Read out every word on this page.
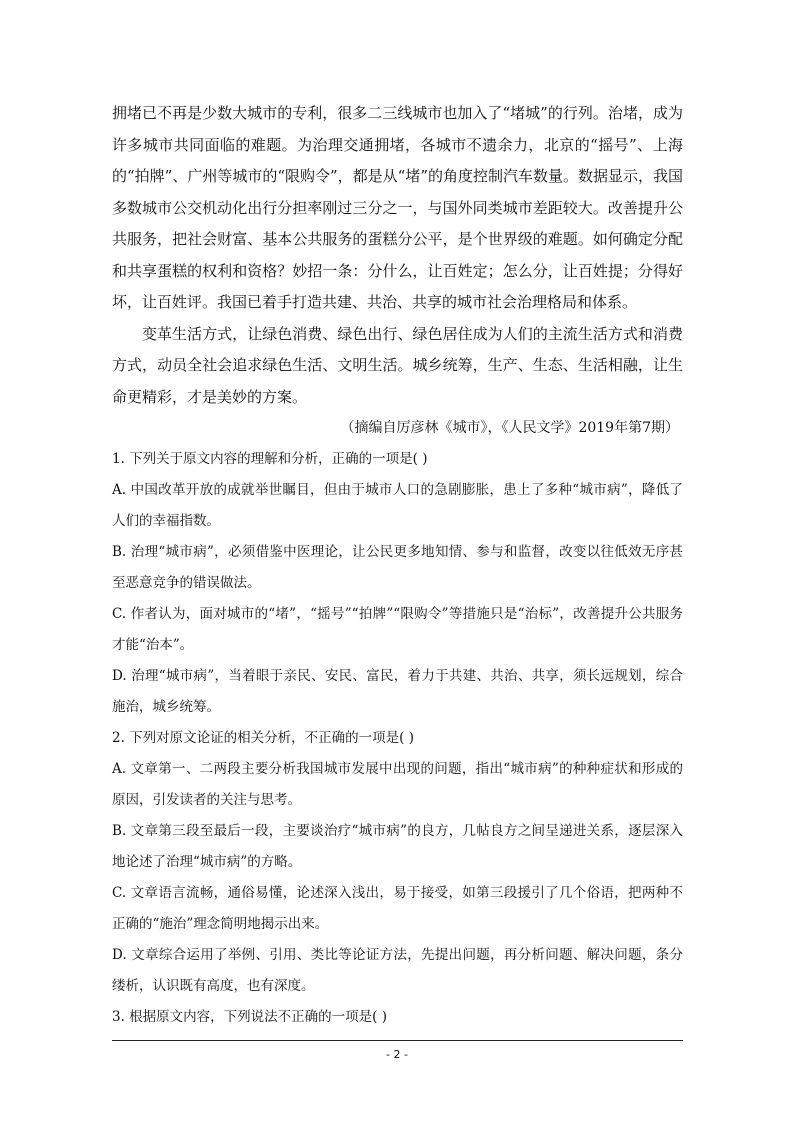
拥堵已不再是少数大城市的专利，很多二三线城市也加入了“堵城”的行列。治堵，成为许多城市共同面临的难题。为治理交通拥堵，各城市不遗余力，北京的“摇号”、上海的“拍牌”、广州等城市的“限购令”，都是从“堵”的角度控制汽车数量。数据显示，我国多数城市公交机动化出行分担率刚过三分之一，与国外同类城市差距较大。改善提升公共服务，把社会财富、基本公共服务的蛋糕分公平，是个世界级的难题。如何确定分配和共享蛋糕的权利和资格？妙招一条：分什么，让百姓定；怎么分，让百姓提；分得好坏，让百姓评。我国已着手打造共建、共治、共享的城市社会治理格局和体系。

变革生活方式，让绿色消费、绿色出行、绿色居住成为人们的主流生活方式和消费方式，动员全社会追求绿色生活、文明生活。城乡统筹，生产、生态、生活相融，让生命更精彩，才是美妙的方案。

（摘编自厉彦林《城市》，《人民文学》2019年第7期）

1. 下列关于原文内容的理解和分析，正确的一项是( )

A. 中国改革开放的成就举世瞩目，但由于城市人口的急剧膨胀，患上了多种“城市病”，降低了人们的幸福指数。

B. 治理“城市病”，必须借鉴中医理论，让公民更多地知情、参与和监督，改变以往低效无序甚至恶意竞争的错误做法。

C. 作者认为，面对城市的“堵”，“摇号”“拍牌”“限购令”等措施只是“治标”，改善提升公共服务才能“治本”。

D. 治理“城市病”，当着眼于亲民、安民、富民，着力于共建、共治、共享，须长远规划，综合施治，城乡统筹。

2. 下列对原文论证的相关分析，不正确的一项是( )

A. 文章第一、二两段主要分析我国城市发展中出现的问题，指出“城市病”的种种症状和形成的原因，引发读者的关注与思考。

B. 文章第三段至最后一段，主要谈治疗“城市病”的良方，几帖良方之间呈递进关系，逐层深入地论述了治理“城市病”的方略。

C. 文章语言流畅，通俗易懂，论述深入浅出，易于接受，如第三段援引了几个俗语，把两种不正确的“施治”理念简明地揭示出来。

D. 文章综合运用了举例、引用、类比等论证方法，先提出问题，再分析问题、解决问题，条分缕析，认识既有高度，也有深度。

3. 根据原文内容，下列说法不正确的一项是( )

- 2 -
